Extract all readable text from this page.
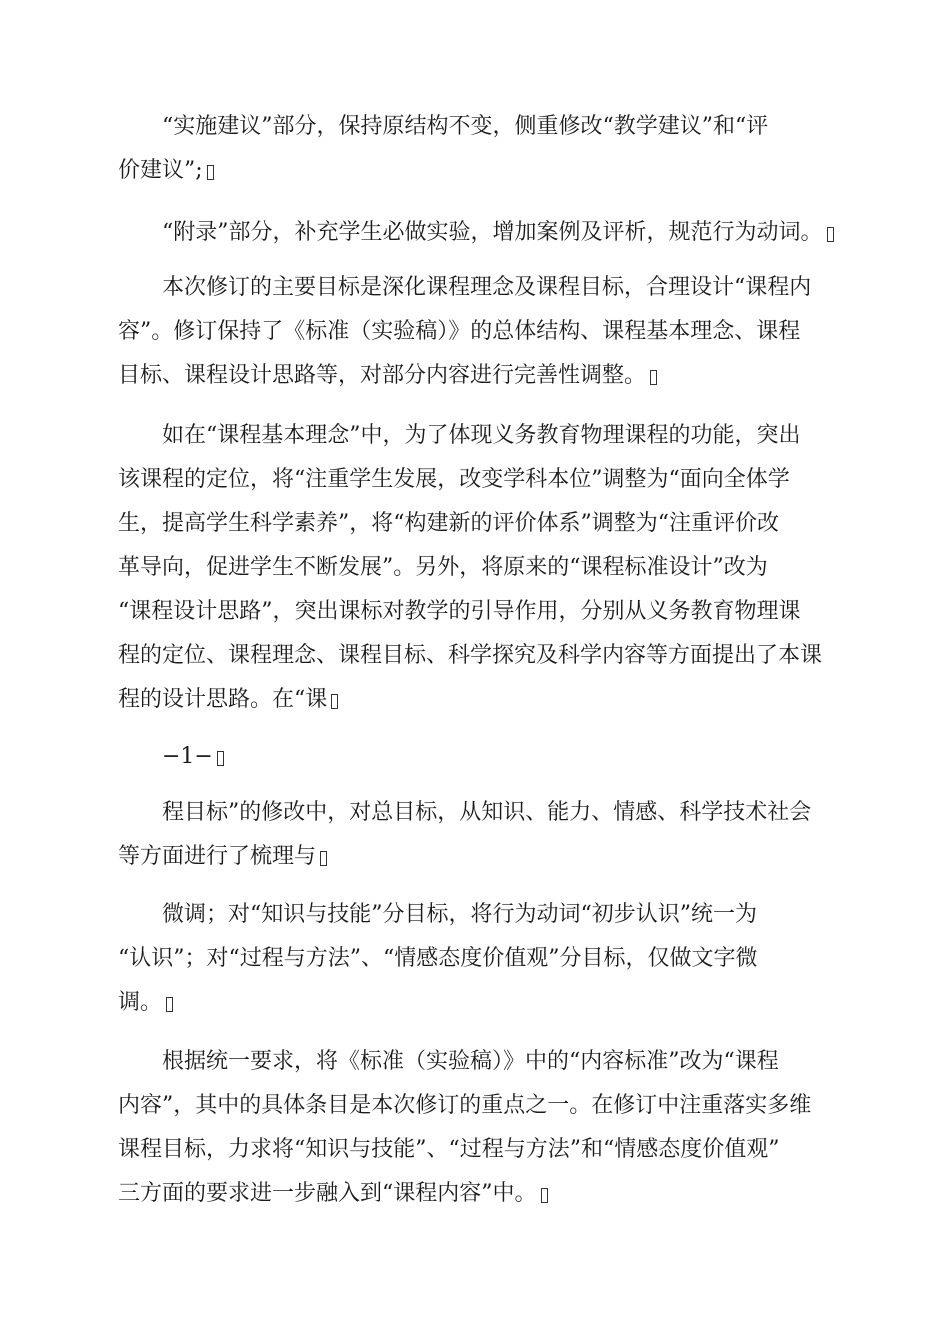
“实施建议”部分，保持原结构不变，侧重修改“教学建议”和“评
价建议”;
“附录”部分，补充学生必做实验，增加案例及评析，规范行为动词。
本次修订的主要目标是深化课程理念及课程目标，合理设计“课程内
容”。修订保持了《标准（实验稿）》的总体结构、课程基本理念、课程
目标、课程设计思路等，对部分内容进行完善性调整。
如在“课程基本理念”中，为了体现义务教育物理课程的功能，突出
该课程的定位，将“注重学生发展，改变学科本位”调整为“面向全体学
生，提高学生科学素养”，将“构建新的评价体系”调整为“注重评价改
革导向，促进学生不断发展”。另外，将原来的“课程标准设计”改为
“课程设计思路”，突出课标对教学的引导作用，分别从义务教育物理课
程的定位、课程理念、课程目标、科学探究及科学内容等方面提出了本课
程的设计思路。在“课
−1−
程目标”的修改中，对总目标，从知识、能力、情感、科学技术社会
等方面进行了梳理与
微调；对“知识与技能”分目标，将行为动词“初步认识”统一为
“认识”；对“过程与方法”、“情感态度价值观”分目标，仅做文字微
调。
根据统一要求，将《标准（实验稿）》中的“内容标准”改为“课程
内容”，其中的具体条目是本次修订的重点之一。在修订中注重落实多维
课程目标，力求将“知识与技能”、“过程与方法”和“情感态度价值观”
三方面的要求进一步融入到“课程内容”中。
